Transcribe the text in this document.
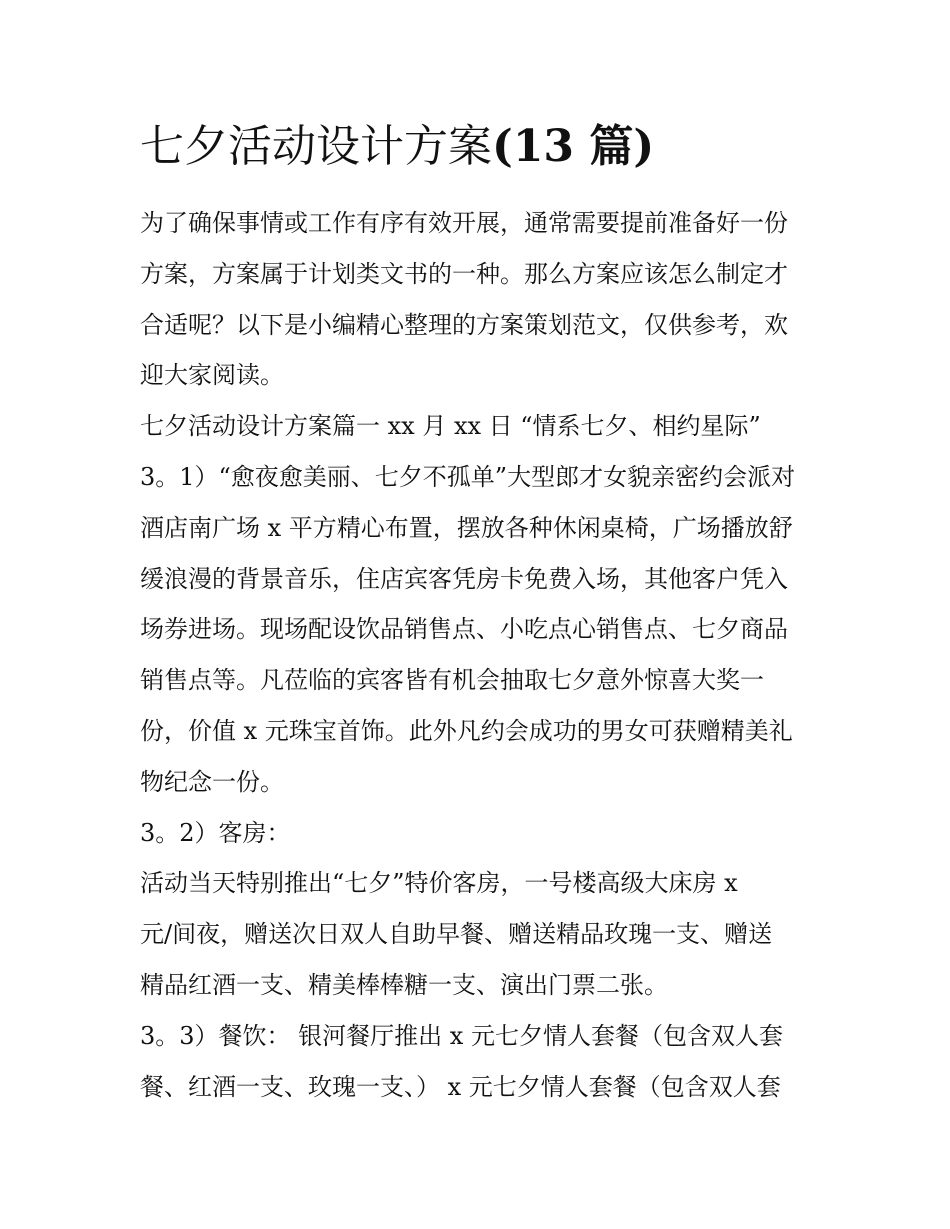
七夕活动设计方案(13 篇)
为了确保事情或工作有序有效开展，通常需要提前准备好一份
方案，方案属于计划类文书的一种。那么方案应该怎么制定才
合适呢？以下是小编精心整理的方案策划范文，仅供参考，欢
迎大家阅读。
七夕活动设计方案篇一 xx 月 xx 日 “情系七夕、相约星际”
3。1）“愈夜愈美丽、七夕不孤单”大型郎才女貌亲密约会派对
酒店南广场 x 平方精心布置，摆放各种休闲桌椅，广场播放舒
缓浪漫的背景音乐，住店宾客凭房卡免费入场，其他客户凭入
场券进场。现场配设饮品销售点、小吃点心销售点、七夕商品
销售点等。凡莅临的宾客皆有机会抽取七夕意外惊喜大奖一
份，价值 x 元珠宝首饰。此外凡约会成功的男女可获赠精美礼
物纪念一份。
3。2）客房：
活动当天特别推出“七夕”特价客房，一号楼高级大床房 x
元/间夜，赠送次日双人自助早餐、赠送精品玫瑰一支、赠送
精品红酒一支、精美棒棒糖一支、演出门票二张。
3。3）餐饮： 银河餐厅推出 x 元七夕情人套餐（包含双人套
餐、红酒一支、玫瑰一支、） x 元七夕情人套餐（包含双人套
